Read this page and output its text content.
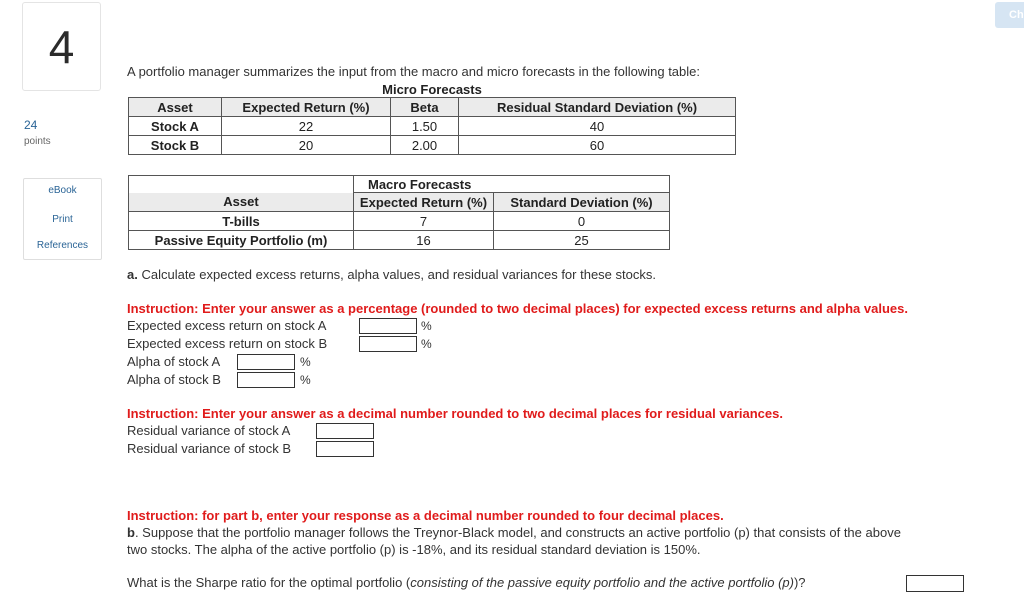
4
24
points
eBook
Print
References
Ch
A portfolio manager summarizes the input from the macro and micro forecasts in the following table:
Micro Forecasts			
Asset	Expected Return (%)	Beta	Residual Standard Deviation (%)
Stock A	22	1.50	40
Stock B	20	2.00	60
	Macro Forecasts	
Asset	Expected Return (%)	Standard Deviation (%)
T-bills	7	0
Passive Equity Portfolio (m)	16	25
a. Calculate expected excess returns, alpha values, and residual variances for these stocks.
Instruction: Enter your answer as a percentage (rounded to two decimal places) for expected excess returns and alpha values.
Expected excess return on stock A	%
Expected excess return on stock B	%
Alpha of stock A	%
Alpha of stock B	%
Instruction: Enter your answer as a decimal number rounded to two decimal places for residual variances.
Residual variance of stock A
Residual variance of stock B
Instruction: for part b, enter your response as a decimal number rounded to four decimal places.
b. Suppose that the portfolio manager follows the Treynor-Black model, and constructs an active portfolio (p) that consists of the above
two stocks. The alpha of the active portfolio (p) is -18%, and its residual standard deviation is 150%.
What is the Sharpe ratio for the optimal portfolio (consisting of the passive equity portfolio and the active portfolio (p))?
